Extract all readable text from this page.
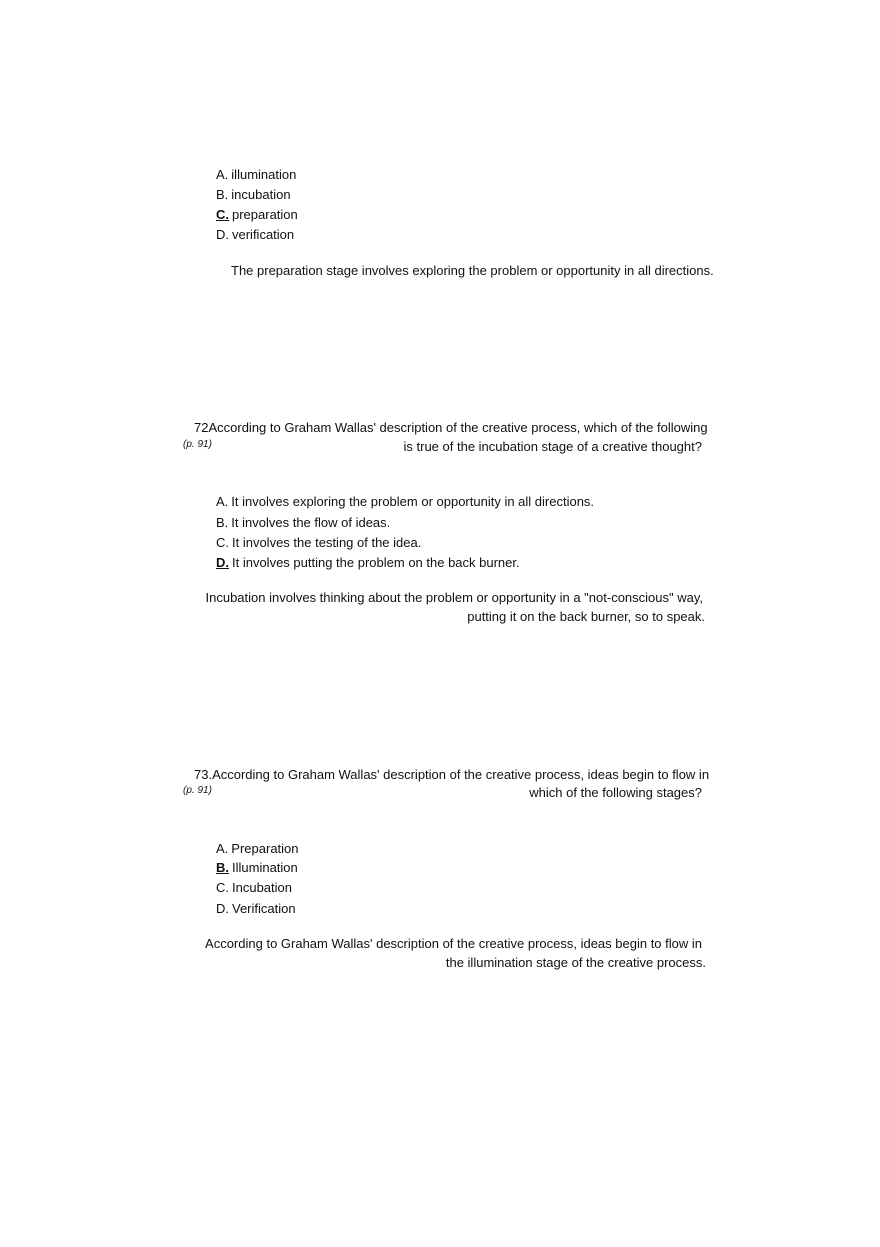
A. illumination
B. incubation
C. preparation
D. verification
The preparation stage involves exploring the problem or opportunity in all directions.
72According to Graham Wallas' description of the creative process, which of the following
(p. 91)	is true of the incubation stage of a creative thought?
A. It involves exploring the problem or opportunity in all directions.
B. It involves the flow of ideas.
C. It involves the testing of the idea.
D. It involves putting the problem on the back burner.
Incubation involves thinking about the problem or opportunity in a "not-conscious" way,
putting it on the back burner, so to speak.
73.According to Graham Wallas' description of the creative process, ideas begin to flow in
(p. 91)	which of the following stages?
A. Preparation
B. Illumination
C. Incubation
D. Verification
According to Graham Wallas' description of the creative process, ideas begin to flow in
the illumination stage of the creative process.
